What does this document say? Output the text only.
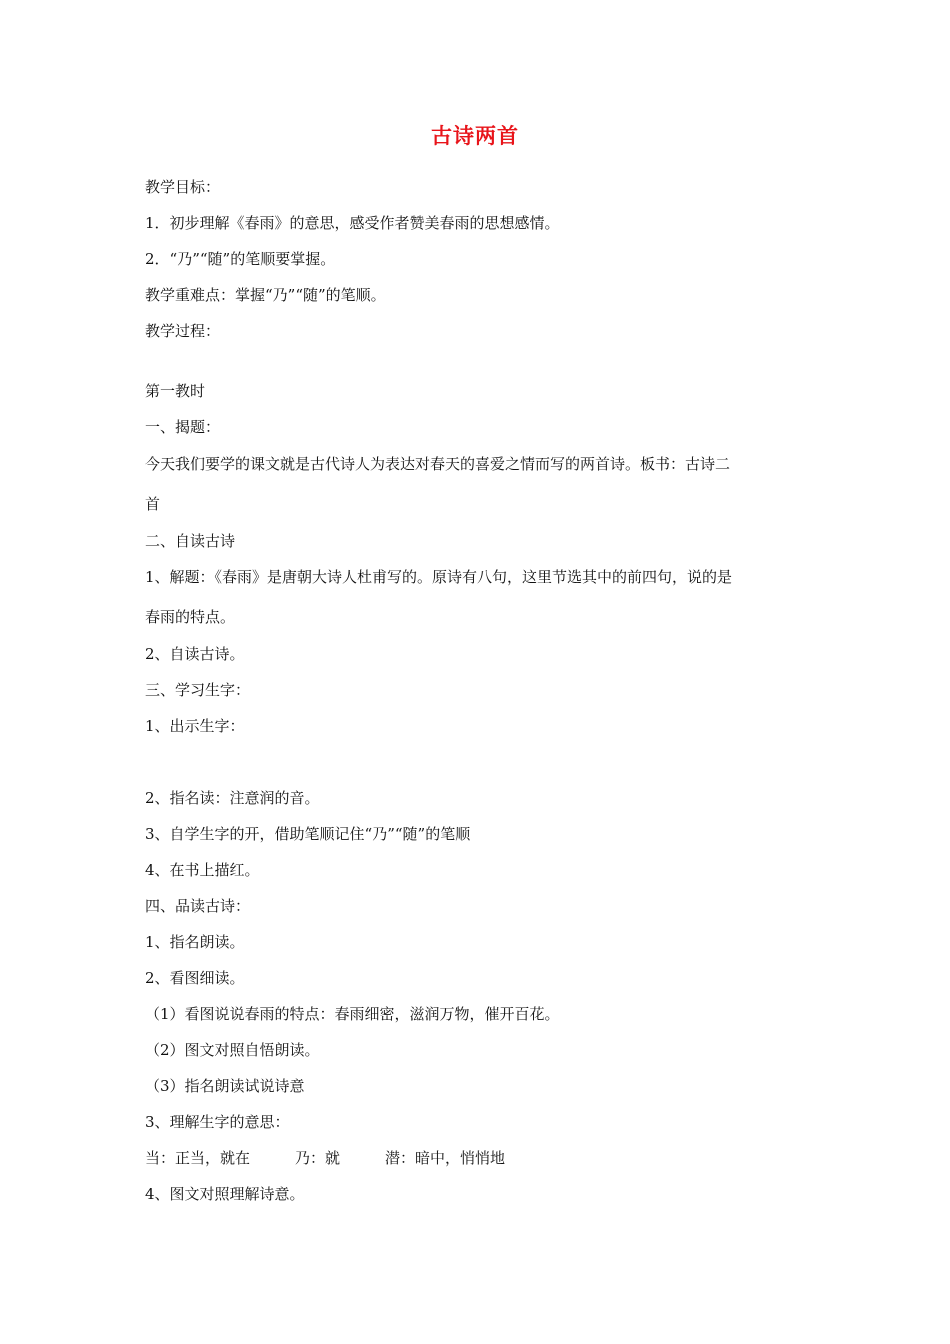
古诗两首
教学目标：
1．初步理解《春雨》的意思，感受作者赞美春雨的思想感情。
2．“乃”“随”的笔顺要掌握。
教学重难点：掌握“乃”“随”的笔顺。
教学过程：
第一教时
一、揭题：
今天我们要学的课文就是古代诗人为表达对春天的喜爱之情而写的两首诗。板书：古诗二
首
二、自读古诗
1、解题：《春雨》是唐朝大诗人杜甫写的。原诗有八句，这里节选其中的前四句，说的是
春雨的特点。
2、自读古诗。
三、学习生字：
1、出示生字：
2、指名读：注意润的音。
3、自学生字的开，借助笔顺记住“乃”“随”的笔顺
4、在书上描红。
四、品读古诗：
1、指名朗读。
2、看图细读。
（1）看图说说春雨的特点：春雨细密，滋润万物，催开百花。
（2）图文对照自悟朗读。
（3）指名朗读试说诗意
3、理解生字的意思：
当：正当，就在　　　乃：就　　　潜：暗中，悄悄地
4、图文对照理解诗意。
